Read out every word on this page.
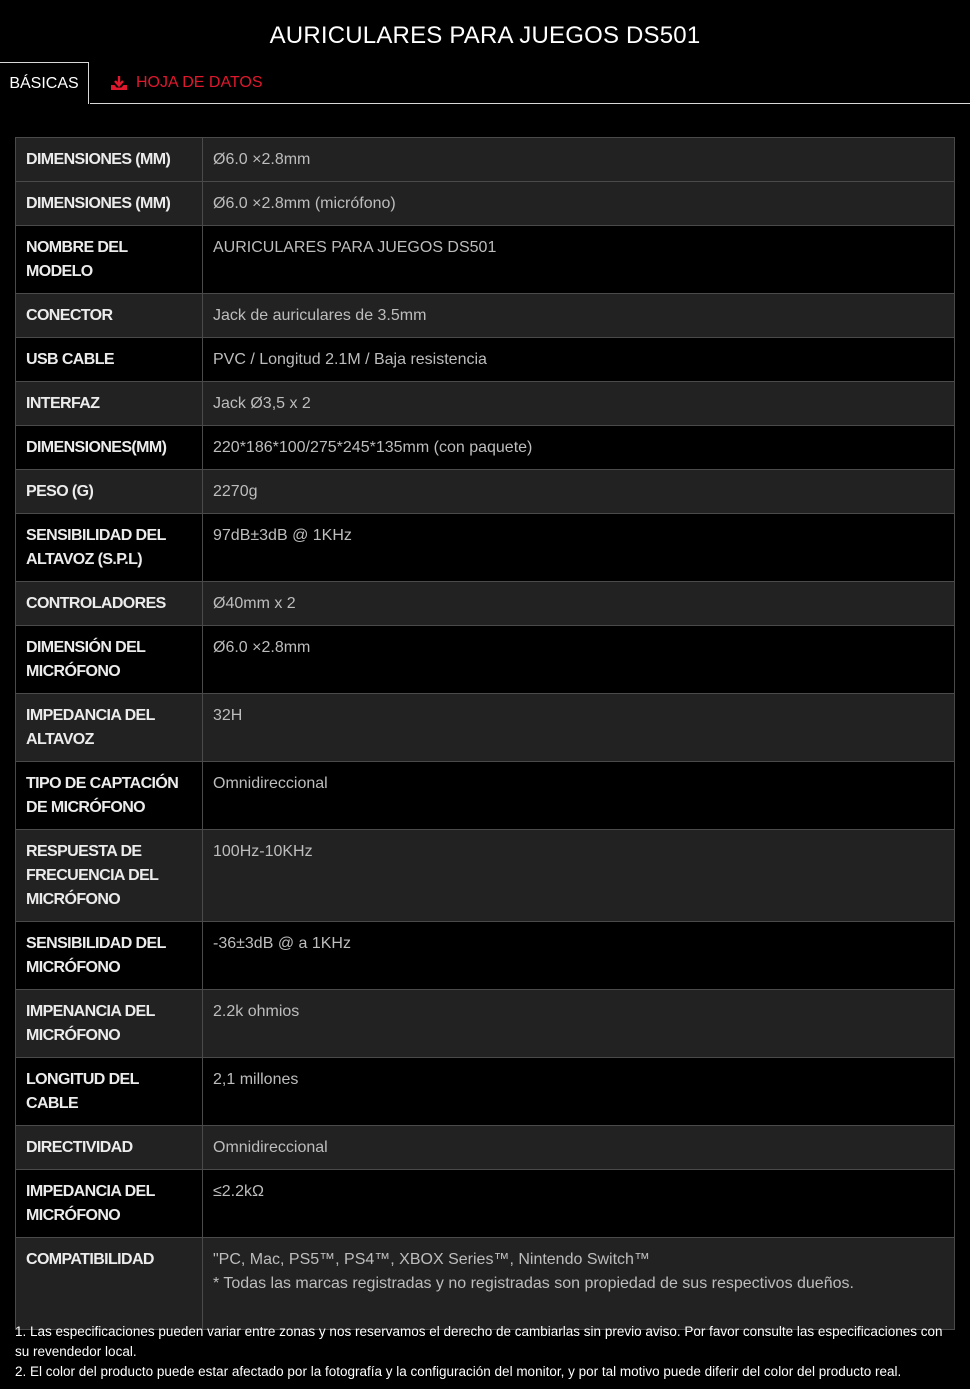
AURICULARES PARA JUEGOS DS501
BÁSICAS	HOJA DE DATOS
DIMENSIONES (MM)	Ø6.0 ×2.8mm
DIMENSIONES (MM)	Ø6.0 ×2.8mm (micrófono)
NOMBRE DEL MODELO	AURICULARES PARA JUEGOS DS501
CONECTOR	Jack de auriculares de 3.5mm
USB CABLE	PVC / Longitud 2.1M / Baja resistencia
INTERFAZ	Jack Ø3,5 x 2
DIMENSIONES(MM)	220*186*100/275*245*135mm (con paquete)
PESO (G)	2270g
SENSIBILIDAD DEL ALTAVOZ (S.P.L)	97dB±3dB @ 1KHz
CONTROLADORES	Ø40mm x 2
DIMENSIÓN DEL MICRÓFONO	Ø6.0 ×2.8mm
IMPEDANCIA DEL ALTAVOZ	32H
TIPO DE CAPTACIÓN DE MICRÓFONO	Omnidireccional
RESPUESTA DE FRECUENCIA DEL MICRÓFONO	100Hz-10KHz
SENSIBILIDAD DEL MICRÓFONO	-36±3dB @ a 1KHz
IMPENANCIA DEL MICRÓFONO	2.2k ohmios
LONGITUD DEL CABLE	2,1 millones
DIRECTIVIDAD	Omnidireccional
IMPEDANCIA DEL MICRÓFONO	≤2.2kΩ
COMPATIBILIDAD	"PC, Mac, PS5™, PS4™, XBOX Series™, Nintendo Switch™
* Todas las marcas registradas y no registradas son propiedad de sus respectivos dueños.

1. Las especificaciones pueden variar entre zonas y nos reservamos el derecho de cambiarlas sin previo aviso. Por favor consulte las especificaciones con su revendedor local.

2. El color del producto puede estar afectado por la fotografía y la configuración del monitor, y por tal motivo puede diferir del color del producto real.
